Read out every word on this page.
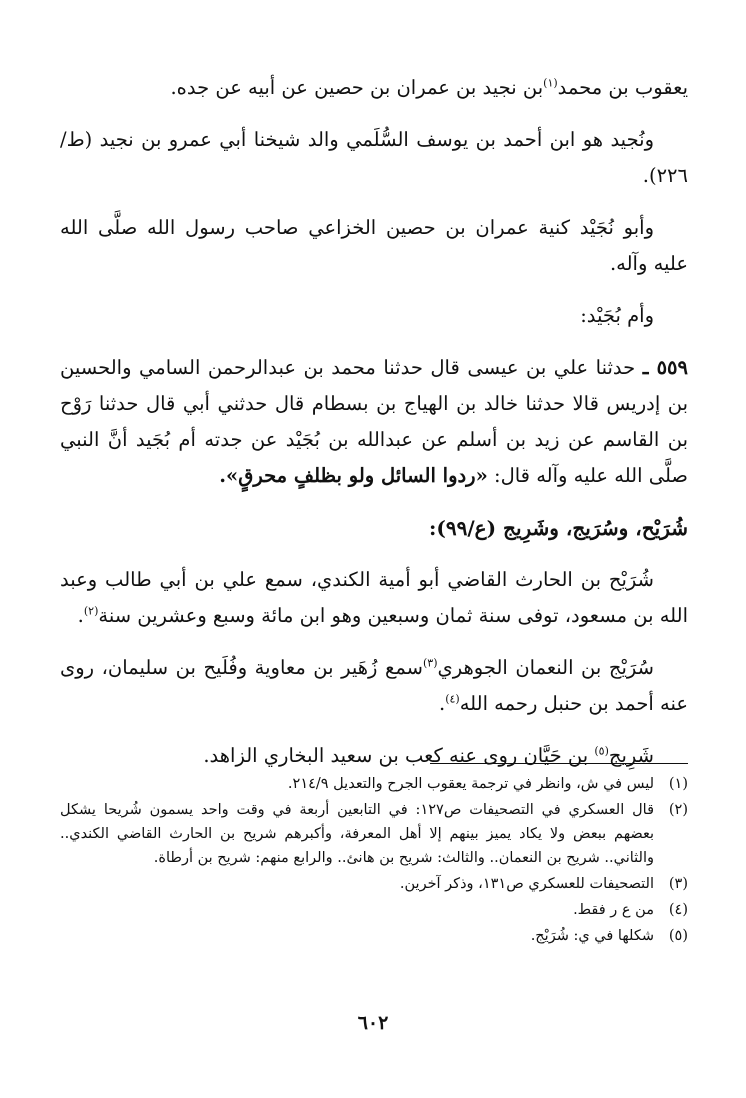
يعقوب بن محمد$^{(١)}$بن نجيد بن عمران بن حصين عن أبيه عن جده.

ونُجيد هو ابن أحمد بن يوسف السُّلَمي والد شيخنا أبي عمرو بن نجيد (ط/٢٢٦).

وأبو نُجَيْد كنية عمران بن حصين الخزاعي صاحب رسول الله صلَّى الله عليه وآله.

وأم بُجَيْد:

٥٥٩ ـ حدثنا علي بن عيسى قال حدثنا محمد بن عبدالرحمن السامي والحسين بن إدريس قالا حدثنا خالد بن الهياج بن بسطام قال حدثني أبي قال حدثنا رَوْح بن القاسم عن زيد بن أسلم عن عبدالله بن بُجَيْد عن جدته أم بُجَيد أنَّ النبي صلَّى الله عليه وآله قال: «ردوا السائل ولو بظلفٍ محرقٍ».

شُرَيْح، وسُرَيج، وشَرِيج (ع/٩٩):

شُرَيْح بن الحارث القاضي أبو أمية الكندي، سمع علي بن أبي طالب وعبد الله بن مسعود، توفى سنة ثمان وسبعين وهو ابن مائة وسبع وعشرين سنة$^{(٢)}$.

سُرَيْج بن النعمان الجوهري$^{(٣)}$سمع زُهَير بن معاوية وفُلَيح بن سليمان، روى عنه أحمد بن حنبل رحمه الله$^{(٤)}$.

شَرِيج$^{(٥)}$ بن حَيَّان روى عنه كعب بن سعيد البخاري الزاهد.

(١)
ليس في ش، وانظر في ترجمة يعقوب الجرح والتعديل ٢١٤/٩.
(٢)
قال العسكري في التصحيفات ص١٢٧: في التابعين أربعة في وقت واحد يسمون شُريحا يشكل بعضهم ببعض ولا يكاد يميز بينهم إلا أهل المعرفة، وأكبرهم شريح بن الحارث القاضي الكندي.. والثاني.. شريح بن النعمان.. والثالث: شريح بن هانئ.. والرابع منهم: شريح بن أرطاة.
(٣)
التصحيفات للعسكري ص١٣١، وذكر آخرين.
(٤)
من ع ر فقط.
(٥)
شكلها في ي: شُرَيْج.
٦٠٢
